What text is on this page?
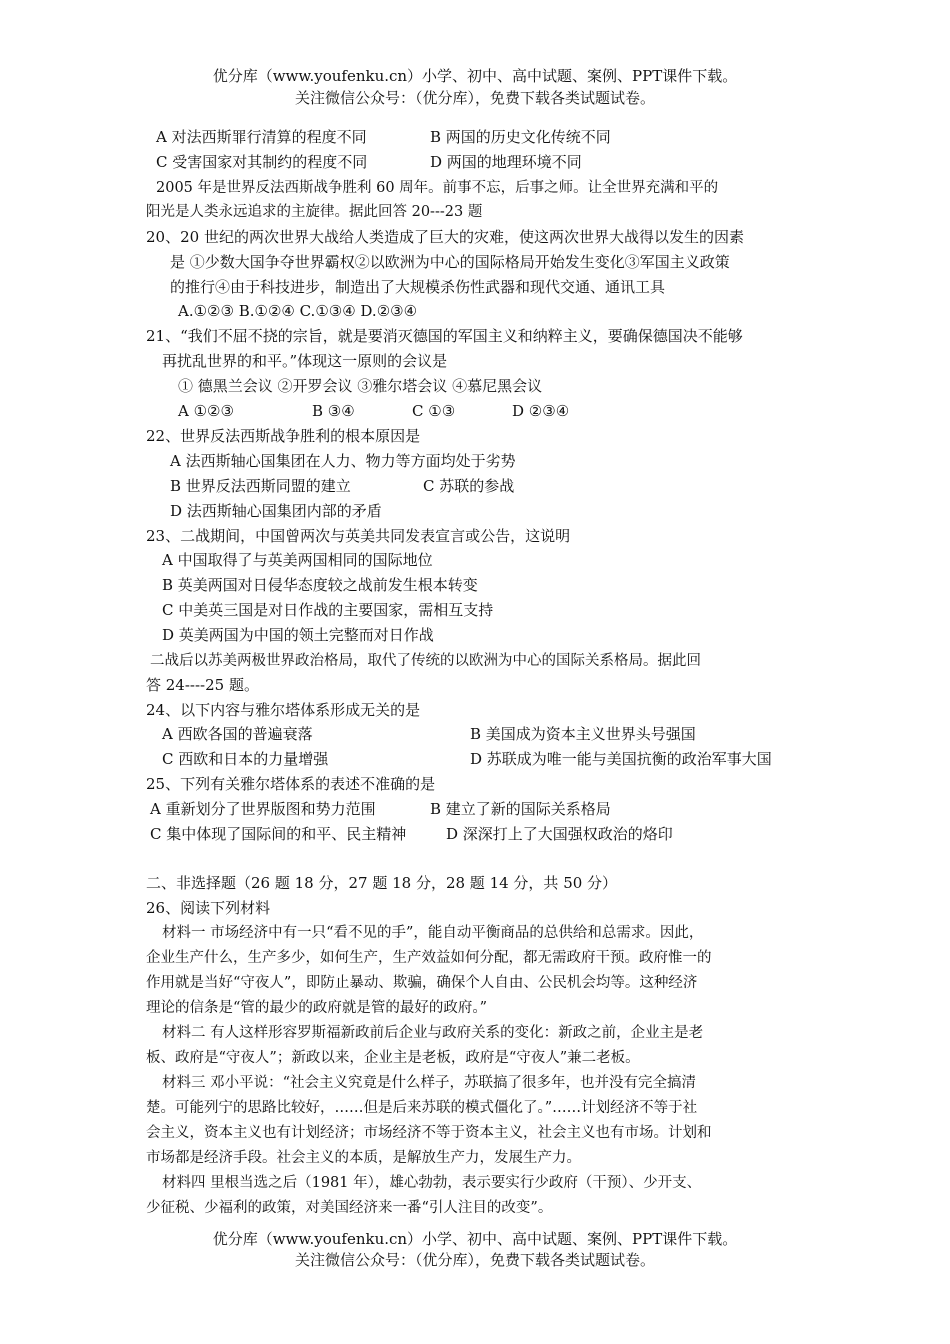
优分库（www.youfenku.cn）小学、初中、高中试题、案例、PPT课件下载。
关注微信公众号：（优分库），免费下载各类试题试卷。
A 对法西斯罪行清算的程度不同	B 两国的历史文化传统不同
C 受害国家对其制约的程度不同	D 两国的地理环境不同
2005 年是世界反法西斯战争胜利 60 周年。前事不忘，后事之师。让全世界充满和平的
阳光是人类永远追求的主旋律。据此回答 20---23 题
20、20 世纪的两次世界大战给人类造成了巨大的灾难，使这两次世界大战得以发生的因素
是 ①少数大国争夺世界霸权②以欧洲为中心的国际格局开始发生变化③军国主义政策
的推行④由于科技进步，制造出了大规模杀伤性武器和现代交通、通讯工具
A.①②③ B.①②④ C.①③④ D.②③④
21、“我们不屈不挠的宗旨，就是要消灭德国的军国主义和纳粹主义，要确保德国决不能够
再扰乱世界的和平。”体现这一原则的会议是
① 德黑兰会议 ②开罗会议 ③雅尔塔会议 ④慕尼黑会议
A ①②③	B ③④	C ①③	D ②③④
22、世界反法西斯战争胜利的根本原因是
A 法西斯轴心国集团在人力、物力等方面均处于劣势
B 世界反法西斯同盟的建立	C 苏联的参战
D 法西斯轴心国集团内部的矛盾
23、二战期间，中国曾两次与英美共同发表宣言或公告，这说明
A 中国取得了与英美两国相同的国际地位
B 英美两国对日侵华态度较之战前发生根本转变
C 中美英三国是对日作战的主要国家，需相互支持
D 英美两国为中国的领土完整而对日作战
二战后以苏美两极世界政治格局，取代了传统的以欧洲为中心的国际关系格局。据此回
答 24----25 题。
24、以下内容与雅尔塔体系形成无关的是
A 西欧各国的普遍衰落	B 美国成为资本主义世界头号强国
C 西欧和日本的力量增强	D 苏联成为唯一能与美国抗衡的政治军事大国
25、下列有关雅尔塔体系的表述不准确的是
A 重新划分了世界版图和势力范围	B 建立了新的国际关系格局
C 集中体现了国际间的和平、民主精神	D 深深打上了大国强权政治的烙印
二、非选择题（26 题 18 分，27 题 18 分，28 题 14 分，共 50 分）
26、阅读下列材料
材料一 市场经济中有一只“看不见的手”，能自动平衡商品的总供给和总需求。因此，
企业生产什么，生产多少，如何生产，生产效益如何分配，都无需政府干预。政府惟一的
作用就是当好“守夜人”，即防止暴动、欺骗，确保个人自由、公民机会均等。这种经济
理论的信条是“管的最少的政府就是管的最好的政府。”
材料二 有人这样形容罗斯福新政前后企业与政府关系的变化：新政之前，企业主是老
板、政府是“守夜人”；新政以来，企业主是老板，政府是“守夜人”兼二老板。
材料三 邓小平说：“社会主义究竟是什么样子，苏联搞了很多年，也并没有完全搞清
楚。可能列宁的思路比较好，……但是后来苏联的模式僵化了。”……计划经济不等于社
会主义，资本主义也有计划经济；市场经济不等于资本主义，社会主义也有市场。计划和
市场都是经济手段。社会主义的本质，是解放生产力，发展生产力。
材料四 里根当选之后（1981 年），雄心勃勃，表示要实行少政府（干预）、少开支、
少征税、少福利的政策，对美国经济来一番“引人注目的改变”。
优分库（www.youfenku.cn）小学、初中、高中试题、案例、PPT课件下载。
关注微信公众号：（优分库），免费下载各类试题试卷。
